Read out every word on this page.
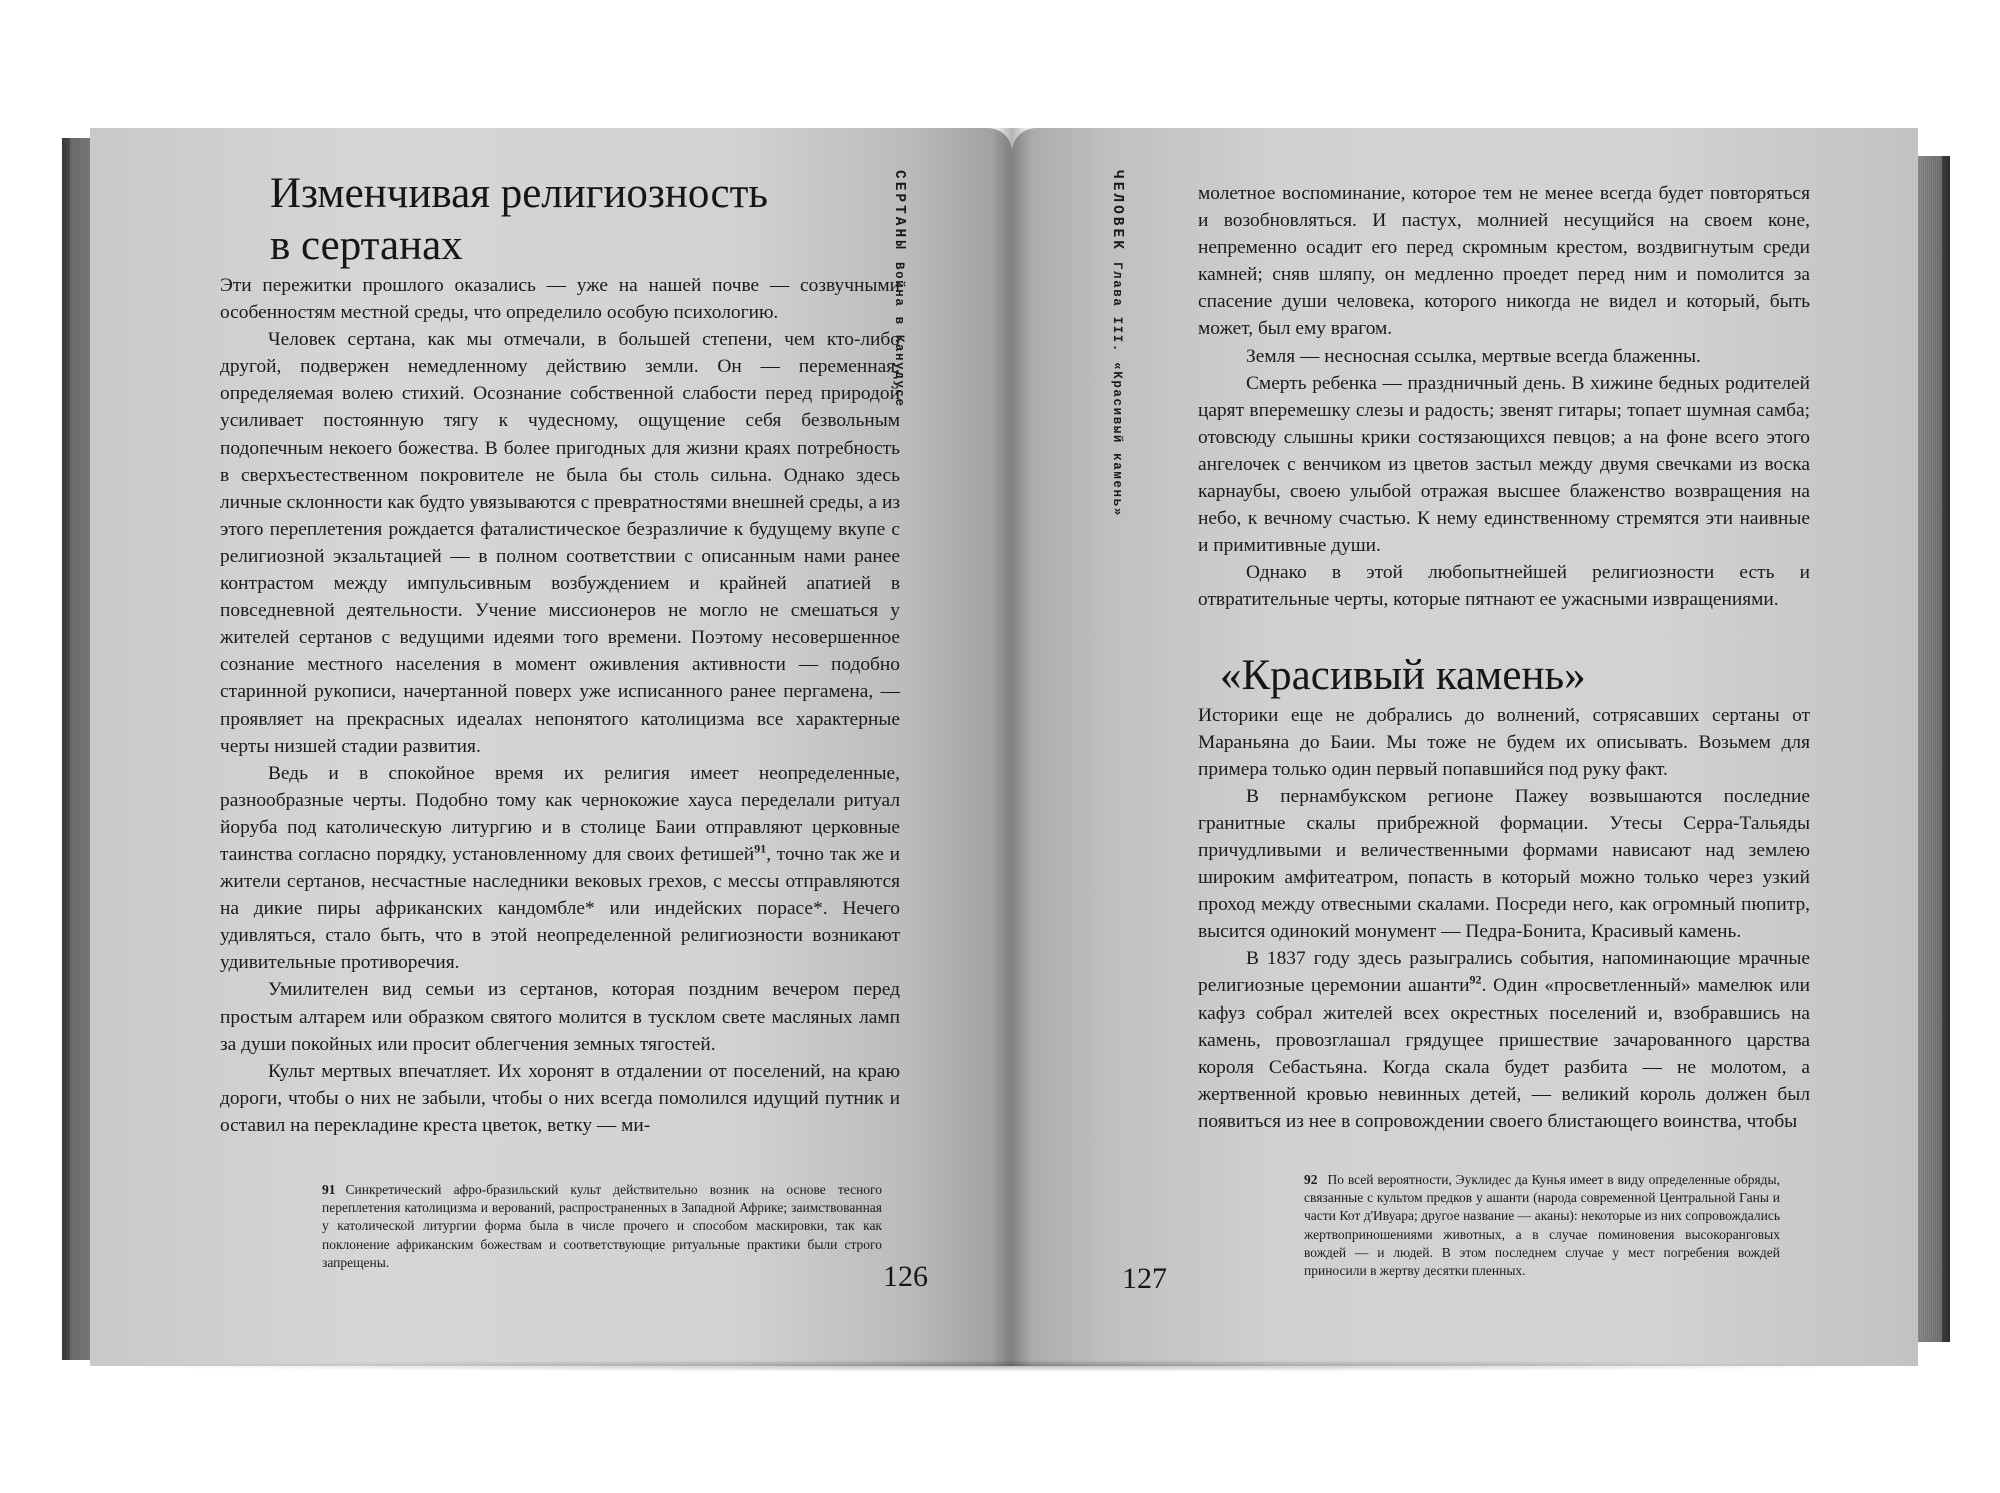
Изменчивая религиозность
в сертанах

Эти пережитки прошлого оказались — уже на нашей почве — созвучными особенностям местной среды, что определило особую психологию.

Человек сертана, как мы отмечали, в большей степени, чем кто-либо другой, подвержен немедленному действию земли. Он — переменная, определяемая волею стихий. Осознание собственной слабости перед природой усиливает постоянную тягу к чудесному, ощущение себя безвольным подопечным некоего божества. В более пригодных для жизни краях потребность в сверхъестественном покровителе не была бы столь сильна. Однако здесь личные склонности как будто увязываются с превратностями внешней среды, а из этого переплетения рождается фаталистическое безразличие к будущему вкупе с религиозной экзальтацией — в полном соответствии с описанным нами ранее контрастом между импульсивным возбуждением и крайней апатией в повседневной деятельности. Учение миссионеров не могло не смешаться у жителей сертанов с ведущими идеями того времени. Поэтому несовершенное сознание местного населения в момент оживления активности — подобно старинной рукописи, начертанной поверх уже исписанного ранее пергамена, — проявляет на прекрасных идеалах непонятого католицизма все характерные черты низшей стадии развития.

Ведь и в спокойное время их религия имеет неопределенные, разнообразные черты. Подобно тому как чернокожие хауса переделали ритуал йоруба под католическую литургию и в столице Баии отправляют церковные таинства согласно порядку, установленному для своих фетишей$^{91}$, точно так же и жители сертанов, несчастные наследники вековых грехов, с мессы отправляются на дикие пиры африканских кандомбле* или индейских порасе*. Нечего удивляться, стало быть, что в этой неопределенной религиозности возникают удивительные противоречия.

Умилителен вид семьи из сертанов, которая поздним вечером перед простым алтарем или образком святого молится в тусклом свете масляных ламп за души покойных или просит облегчения земных тягостей.

Культ мертвых впечатляет. Их хоронят в отдалении от поселений, на краю дороги, чтобы о них не забыли, чтобы о них всегда помолился идущий путник и оставил на перекладине креста цветок, ветку — ми-

СЕРТАНЫ Война в Канудусе

91 Синкретический афро-бразильский культ действительно возник на основе тесного переплетения католицизма и верований, распространенных в Западной Африке; заимствованная у католической литургии форма была в числе прочего и способом маскировки, так как поклонение африканским божествам и соответствующие ритуальные практики были строго запрещены.	126
ЧЕЛОВЕК Глава III. «Красивый камень»

молетное воспоминание, которое тем не менее всегда будет повторяться и возобновляться. И пастух, молнией несущийся на своем коне, непременно осадит его перед скромным крестом, воздвигнутым среди камней; сняв шляпу, он медленно проедет перед ним и помолится за спасение души человека, которого никогда не видел и который, быть может, был ему врагом.

Земля — несносная ссылка, мертвые всегда блаженны.

Смерть ребенка — праздничный день. В хижине бедных родителей царят вперемешку слезы и радость; звенят гитары; топает шумная самба; отовсюду слышны крики состязающихся певцов; а на фоне всего этого ангелочек с венчиком из цветов застыл между двумя свечками из воска карнаубы, своею улыбой отражая высшее блаженство возвращения на небо, к вечному счастью. К нему единственному стремятся эти наивные и примитивные души.

Однако в этой любопытнейшей религиозности есть и отвратительные черты, которые пятнают ее ужасными извращениями.

«Красивый камень»

Историки еще не добрались до волнений, сотрясавших сертаны от Мараньяна до Баии. Мы тоже не будем их описывать. Возьмем для примера только один первый попавшийся под руку факт.

В пернамбукском регионе Пажеу возвышаются последние гранитные скалы прибрежной формации. Утесы Серра-Тальяды причудливыми и величественными формами нависают над землею широким амфитеатром, попасть в который можно только через узкий проход между отвесными скалами. Посреди него, как огромный пюпитр, высится одинокий монумент — Педра-Бонита, Красивый камень.

В 1837 году здесь разыгрались события, напоминающие мрачные религиозные церемонии ашанти$^{92}$. Один «просветленный» мамелюк или кафуз собрал жителей всех окрестных поселений и, взобравшись на камень, провозглашал грядущее пришествие зачарованного царства короля Себастьяна. Когда скала будет разбита — не молотом, а жертвенной кровью невинных детей, — великий король должен был появиться из нее в сопровождении своего блистающего воинства, чтобы

92 По всей вероятности, Эуклидес да Кунья имеет в виду определенные обряды, связанные с культом предков у ашанти (народа современной Центральной Ганы и части Кот д'Ивуара; другое название — аканы): некоторые из них сопровождались жертвоприношениями животных, а в случае поминовения высокоранговых вождей — и людей. В этом последнем случае у мест погребения вождей приносили в жертву десятки пленных.

127
